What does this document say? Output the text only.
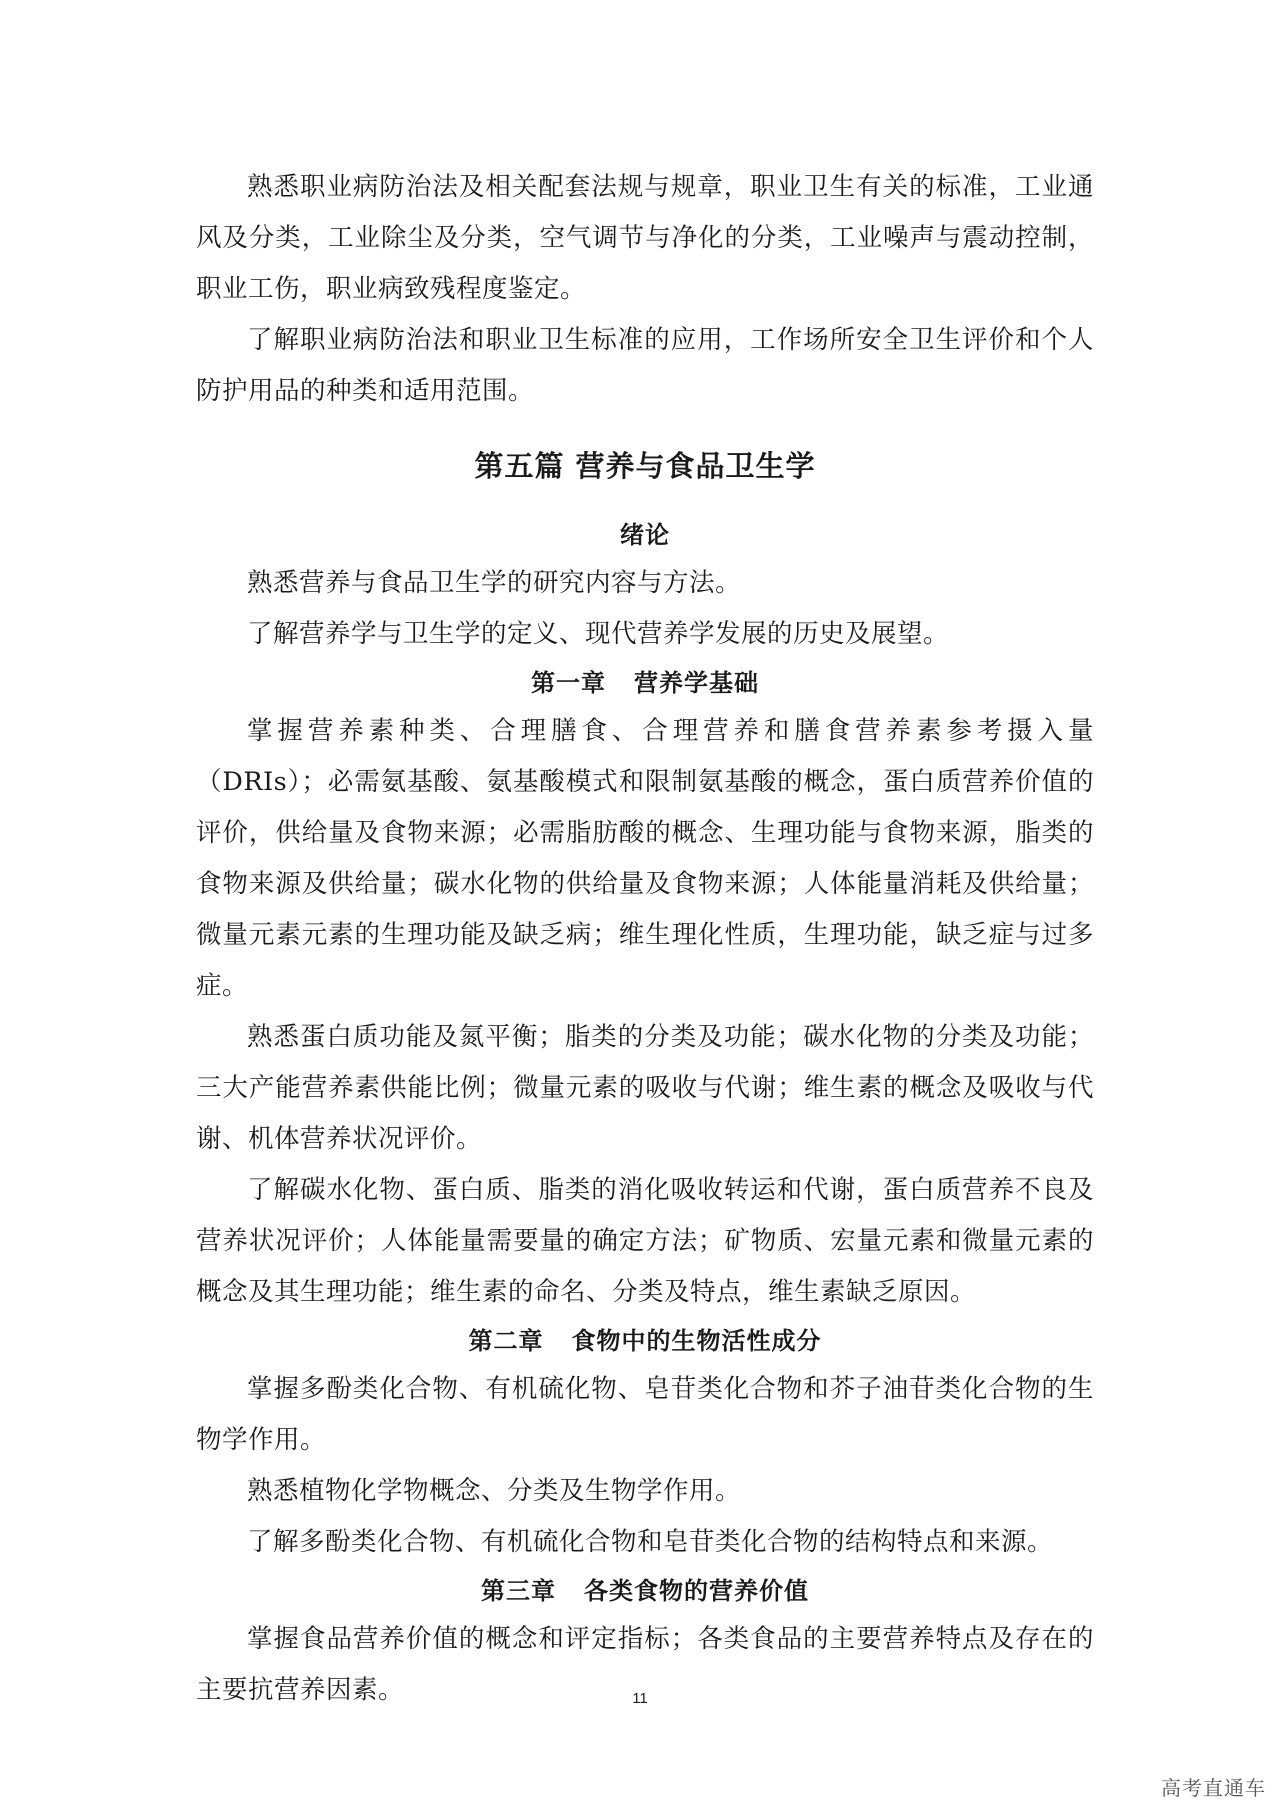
熟悉职业病防治法及相关配套法规与规章，职业卫生有关的标准，工业通风及分类，工业除尘及分类，空气调节与净化的分类，工业噪声与震动控制，职业工伤，职业病致残程度鉴定。

了解职业病防治法和职业卫生标准的应用，工作场所安全卫生评价和个人防护用品的种类和适用范围。

第五篇 营养与食品卫生学
绪论

熟悉营养与食品卫生学的研究内容与方法。

了解营养学与卫生学的定义、现代营养学发展的历史及展望。

第一章 营养学基础

掌握营养素种类、合理膳食、合理营养和膳食营养素参考摄入量（DRIs）；必需氨基酸、氨基酸模式和限制氨基酸的概念，蛋白质营养价值的评价，供给量及食物来源；必需脂肪酸的概念、生理功能与食物来源，脂类的食物来源及供给量；碳水化物的供给量及食物来源；人体能量消耗及供给量；微量元素元素的生理功能及缺乏病；维生理化性质，生理功能，缺乏症与过多症。

熟悉蛋白质功能及氮平衡；脂类的分类及功能；碳水化物的分类及功能；三大产能营养素供能比例；微量元素的吸收与代谢；维生素的概念及吸收与代谢、机体营养状况评价。

了解碳水化物、蛋白质、脂类的消化吸收转运和代谢，蛋白质营养不良及营养状况评价；人体能量需要量的确定方法；矿物质、宏量元素和微量元素的概念及其生理功能；维生素的命名、分类及特点，维生素缺乏原因。

第二章 食物中的生物活性成分

掌握多酚类化合物、有机硫化物、皂苷类化合物和芥子油苷类化合物的生物学作用。

熟悉植物化学物概念、分类及生物学作用。

了解多酚类化合物、有机硫化合物和皂苷类化合物的结构特点和来源。

第三章 各类食物的营养价值

掌握食品营养价值的概念和评定指标；各类食品的主要营养特点及存在的主要抗营养因素。	11
高考直通车
